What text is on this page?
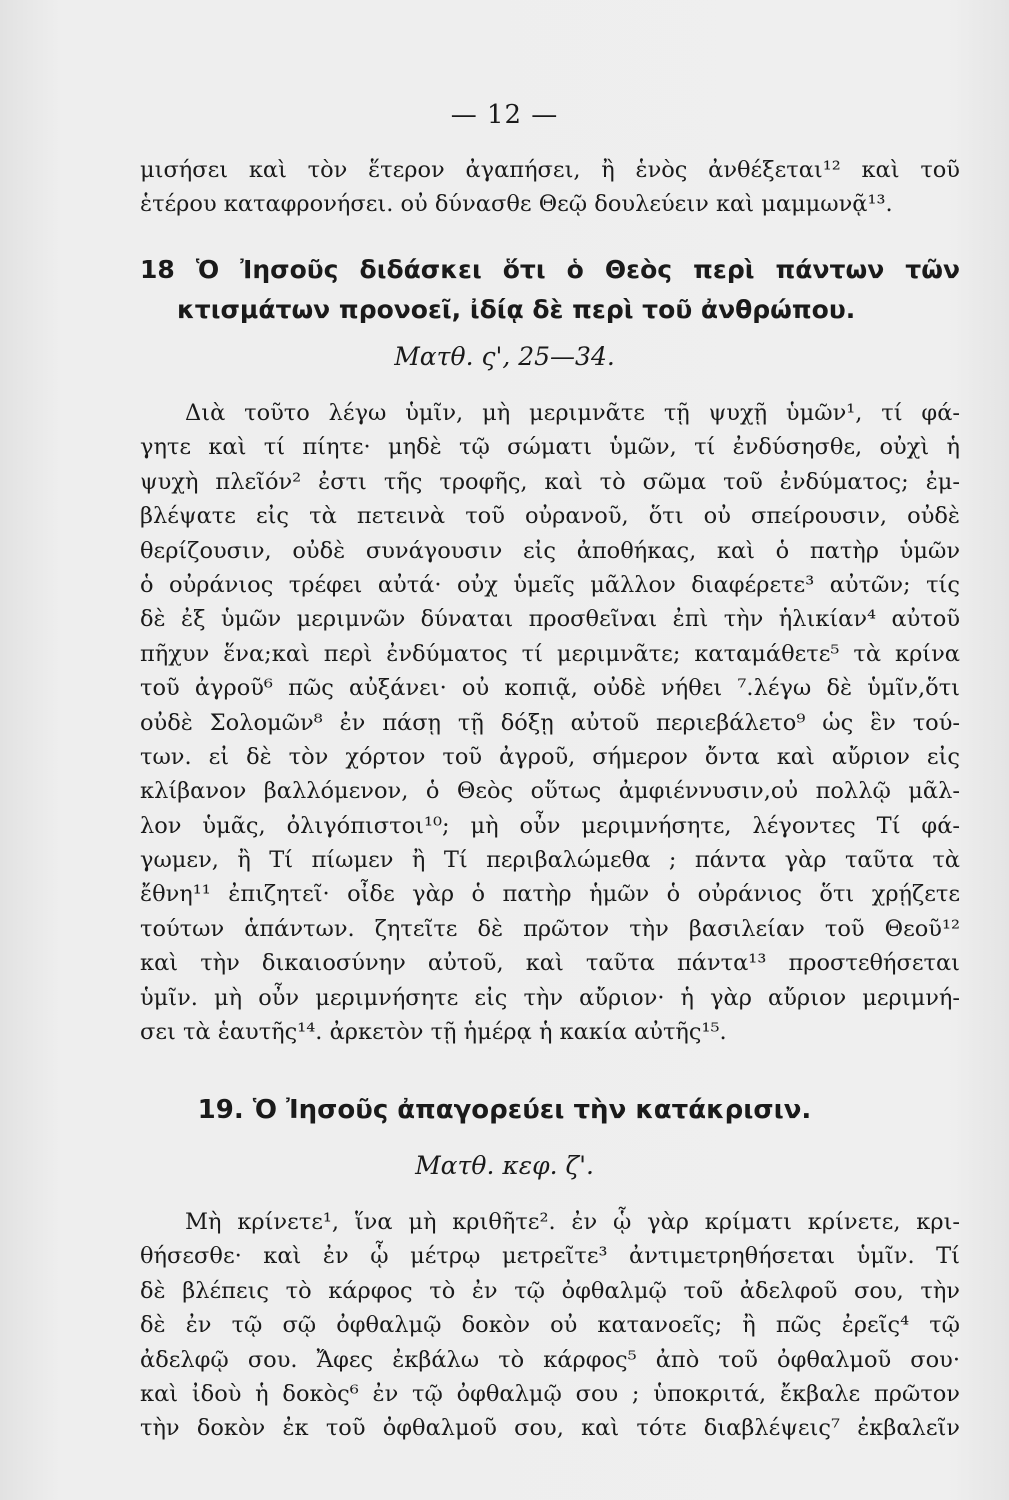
— 12 —
μισήσει καὶ τὸν ἕτερον ἀγαπήσει, ἢ ἑνὸς ἀνθέξεται¹² καὶ τοῦ
ἑτέρου καταφρονήσει. οὐ δύνασθε Θεῷ δουλεύειν καὶ μαμμωνᾷ¹³.
18 Ὁ Ἰησοῦς διδάσκει ὅτι ὁ Θεὸς περὶ πάντων τῶν
κτισμάτων προνοεῖ, ἰδίᾳ δὲ περὶ τοῦ ἀνθρώπου.
Ματθ. ς', 25—34.
Διὰ τοῦτο λέγω ὑμῖν, μὴ μεριμνᾶτε τῇ ψυχῇ ὑμῶν¹, τί φά-
γητε καὶ τί πίητε· μηδὲ τῷ σώματι ὑμῶν, τί ἐνδύσησθε, οὐχὶ ἡ
ψυχὴ πλεῖόν² ἐστι τῆς τροφῆς, καὶ τὸ σῶμα τοῦ ἐνδύματος; ἐμ-
βλέψατε εἰς τὰ πετεινὰ τοῦ οὐρανοῦ, ὅτι οὐ σπείρουσιν, οὐδὲ
θερίζουσιν, οὐδὲ συνάγουσιν εἰς ἀποθήκας, καὶ ὁ πατὴρ ὑμῶν
ὁ οὐράνιος τρέφει αὐτά· οὐχ ὑμεῖς μᾶλλον διαφέρετε³ αὐτῶν; τίς
δὲ ἐξ ὑμῶν μεριμνῶν δύναται προσθεῖναι ἐπὶ τὴν ἡλικίαν⁴ αὐτοῦ
πῆχυν ἕνα;καὶ περὶ ἐνδύματος τί μεριμνᾶτε; καταμάθετε⁵ τὰ κρίνα
τοῦ ἀγροῦ⁶ πῶς αὐξάνει· οὐ κοπιᾷ, οὐδὲ νήθει ⁷.λέγω δὲ ὑμῖν,ὅτι
οὐδὲ Σολομῶν⁸ ἐν πάσῃ τῇ δόξῃ αὐτοῦ περιεβάλετο⁹ ὡς ἓν τού-
των. εἰ δὲ τὸν χόρτον τοῦ ἀγροῦ, σήμερον ὄντα καὶ αὔριον εἰς
κλίβανον βαλλόμενον, ὁ Θεὸς οὕτως ἀμφιέννυσιν,οὐ πολλῷ μᾶλ-
λον ὑμᾶς, ὀλιγόπιστοι¹⁰; μὴ οὖν μεριμνήσητε, λέγοντες Τί φά-
γωμεν, ἢ Τί πίωμεν ἢ Τί περιβαλώμεθα ; πάντα γὰρ ταῦτα τὰ
ἔθνη¹¹ ἐπιζητεῖ· οἶδε γὰρ ὁ πατὴρ ἡμῶν ὁ οὐράνιος ὅτι χρῄζετε
τούτων ἁπάντων. ζητεῖτε δὲ πρῶτον τὴν βασιλείαν τοῦ Θεοῦ¹²
καὶ τὴν δικαιοσύνην αὐτοῦ, καὶ ταῦτα πάντα¹³ προστεθήσεται
ὑμῖν. μὴ οὖν μεριμνήσητε εἰς τὴν αὔριον· ἡ γὰρ αὔριον μεριμνή-
σει τὰ ἑαυτῆς¹⁴. ἀρκετὸν τῇ ἡμέρᾳ ἡ κακία αὐτῆς¹⁵.
19. Ὁ Ἰησοῦς ἀπαγορεύει τὴν κατάκρισιν.
Ματθ. κεφ. ζ'.
Μὴ κρίνετε¹, ἵνα μὴ κριθῆτε². ἐν ᾧ γὰρ κρίματι κρίνετε, κρι-
θήσεσθε· καὶ ἐν ᾧ μέτρῳ μετρεῖτε³ ἀντιμετρηθήσεται ὑμῖν. Τί
δὲ βλέπεις τὸ κάρφος τὸ ἐν τῷ ὀφθαλμῷ τοῦ ἀδελφοῦ σου, τὴν
δὲ ἐν τῷ σῷ ὀφθαλμῷ δοκὸν οὐ κατανοεῖς; ἢ πῶς ἐρεῖς⁴ τῷ
ἀδελφῷ σου. Ἄφες ἐκβάλω τὸ κάρφος⁵ ἀπὸ τοῦ ὀφθαλμοῦ σου·
καὶ ἰδοὺ ἡ δοκὸς⁶ ἐν τῷ ὀφθαλμῷ σου ; ὑποκριτά, ἔκβαλε πρῶτον
τὴν δοκὸν ἐκ τοῦ ὀφθαλμοῦ σου, καὶ τότε διαβλέψεις⁷ ἐκβαλεῖν
